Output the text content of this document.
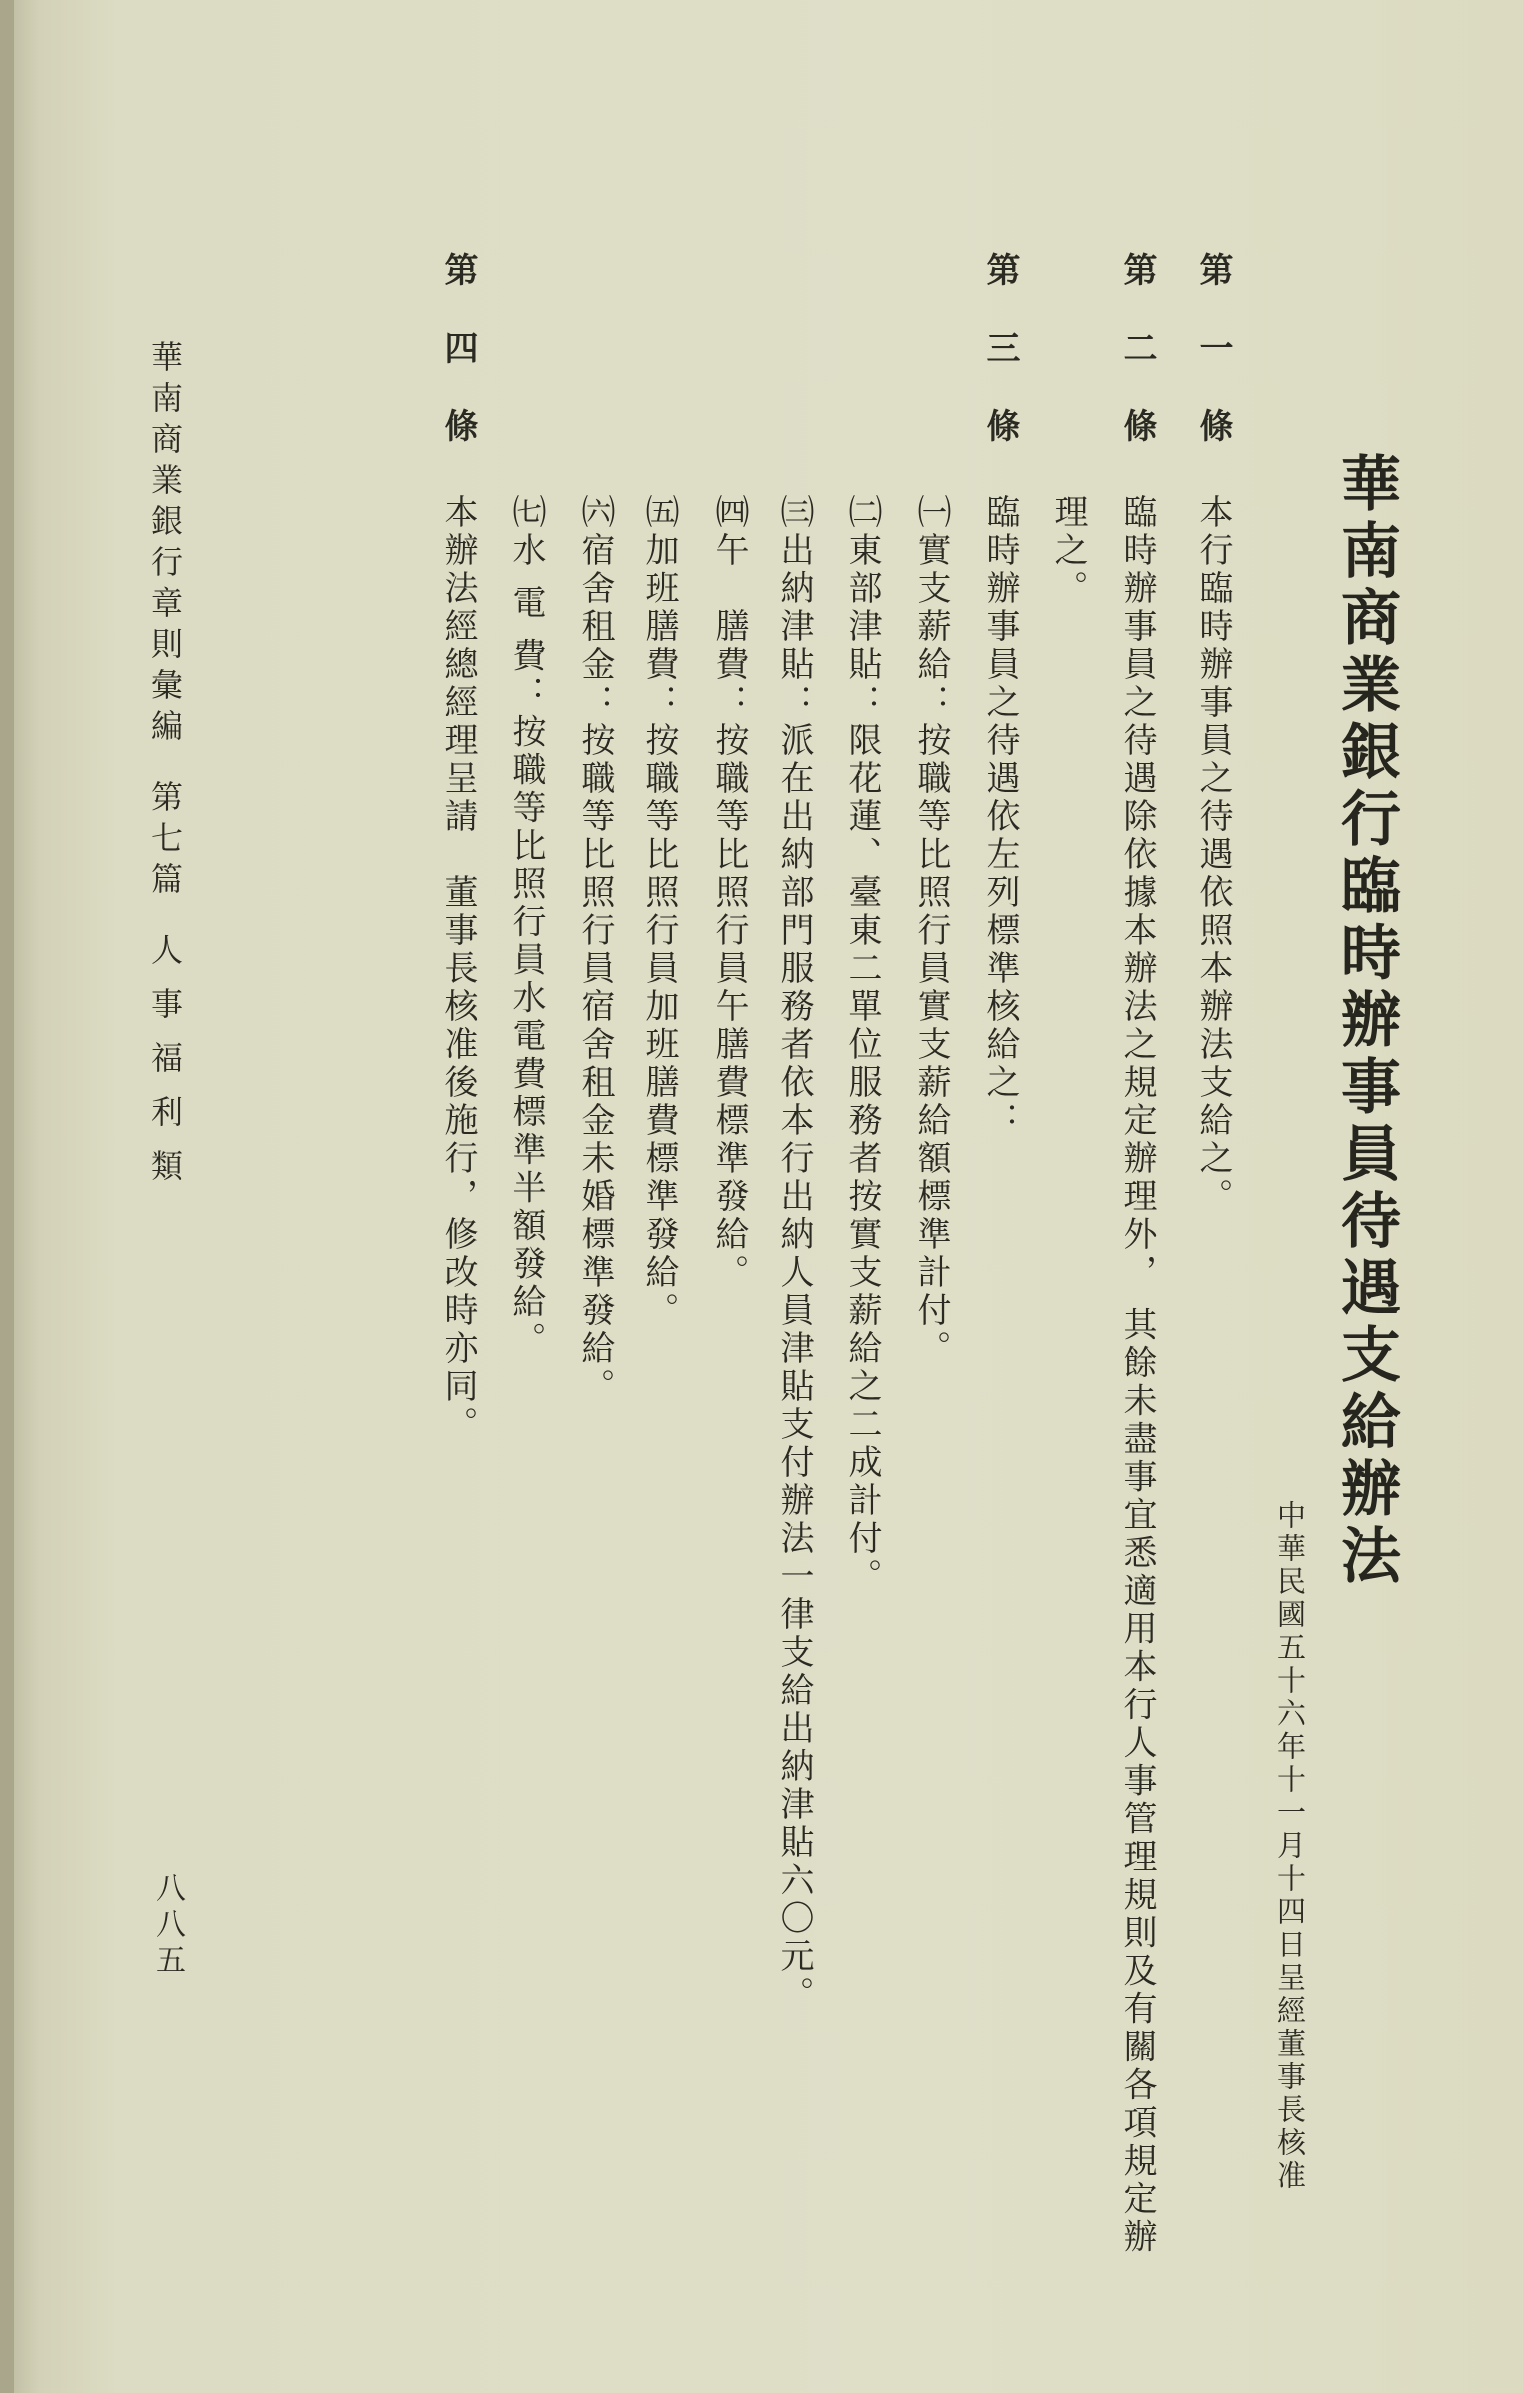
華南商業銀行臨時辦事員待遇支給辦法
中華民國五十六年十一月十四日呈經董事長核准
第一條
本行臨時辦事員之待遇依照本辦法支給之。
第二條
臨時辦事員之待遇除依據本辦法之規定辦理外， 其餘未盡事宜悉適用本行人事管理規則及有關各項規定辦
理之。
第三條
臨時辦事員之待遇依左列標準核給之：
㈠實支薪給：按職等比照行員實支薪給額標準計付。
㈡東部津貼：限花蓮、臺東二單位服務者按實支薪給之二成計付。
㈢出納津貼：派在出納部門服務者依本行出納人員津貼支付辦法一律支給出納津貼六〇元。
㈣午　膳費：按職等比照行員午膳費標準發給。
㈤加班膳費：按職等比照行員加班膳費標準發給。
㈥宿舍租金：按職等比照行員宿舍租金未婚標準發給。
㈦水 電 費：按職等比照行員水電費標準半額發給。
第四條
本辦法經總經理呈請　董事長核准後施行，修改時亦同。
華南商業銀行章則彙編第七篇人事福利類
八八五
